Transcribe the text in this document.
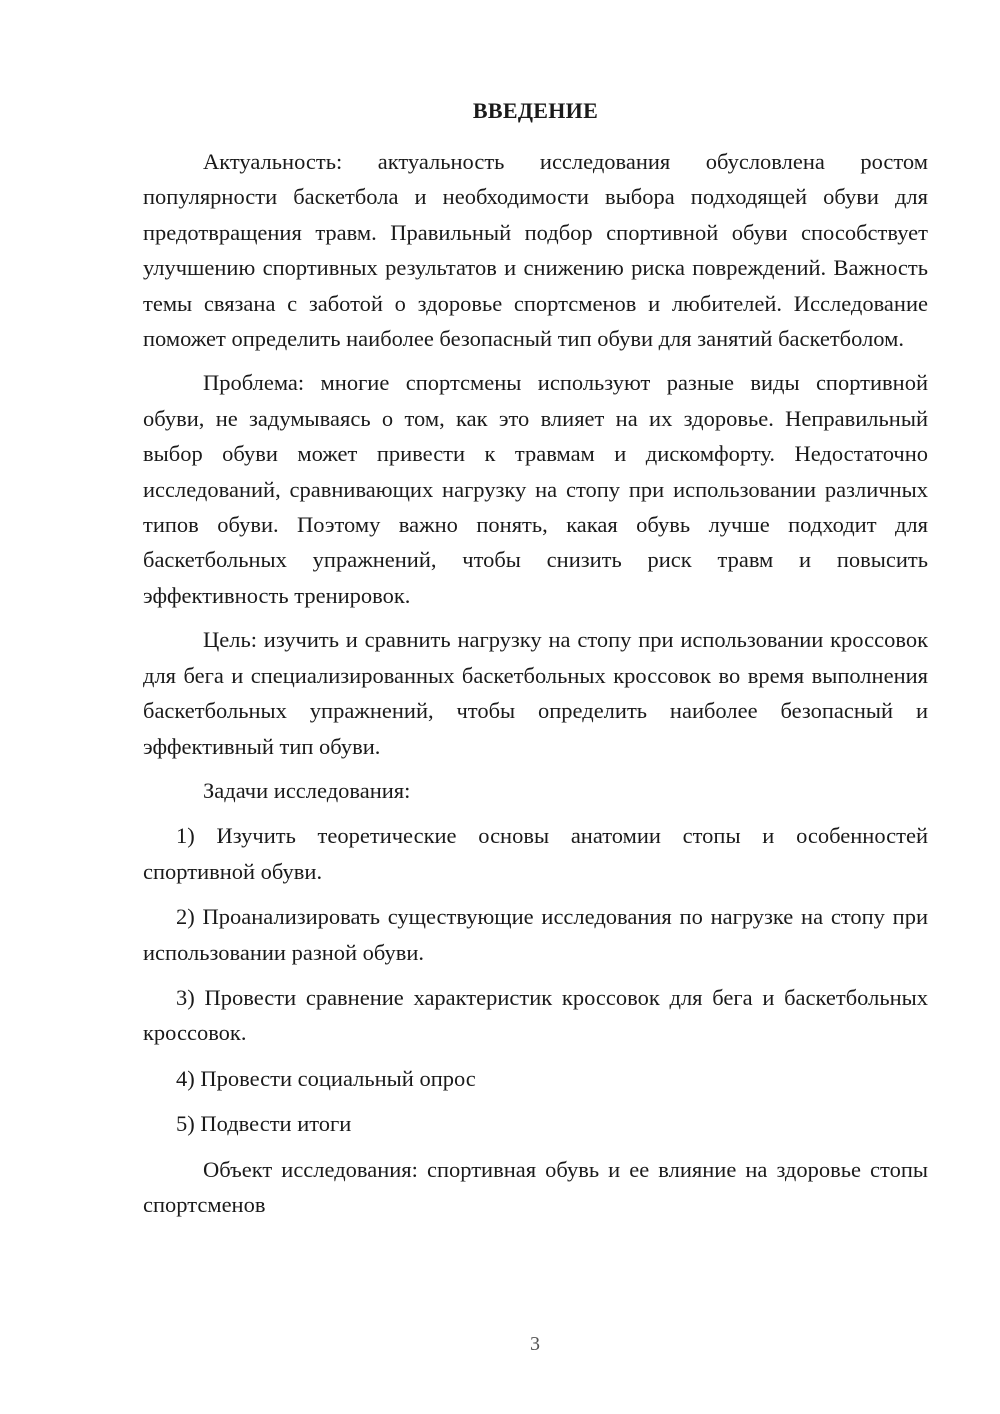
ВВЕДЕНИЕ

Актуальность: актуальность исследования обусловлена ростом популярности баскетбола и необходимости выбора подходящей обуви для предотвращения травм. Правильный подбор спортивной обуви способствует улучшению спортивных результатов и снижению риска повреждений. Важность темы связана с заботой о здоровье спортсменов и любителей. Исследование поможет определить наиболее безопасный тип обуви для занятий баскетболом.

Проблема: многие спортсмены используют разные виды спортивной обуви, не задумываясь о том, как это влияет на их здоровье. Неправильный выбор обуви может привести к травмам и дискомфорту. Недостаточно исследований, сравнивающих нагрузку на стопу при использовании различных типов обуви. Поэтому важно понять, какая обувь лучше подходит для баскетбольных упражнений, чтобы снизить риск травм и повысить эффективность тренировок.

Цель: изучить и сравнить нагрузку на стопу при использовании кроссовок для бега и специализированных баскетбольных кроссовок во время выполнения баскетбольных упражнений, чтобы определить наиболее безопасный и эффективный тип обуви.

Задачи исследования:

1) Изучить теоретические основы анатомии стопы и особенностей спортивной обуви.

2) Проанализировать существующие исследования по нагрузке на стопу при использовании разной обуви.

3) Провести сравнение характеристик кроссовок для бега и баскетбольных кроссовок.

4) Провести социальный опрос

5) Подвести итоги

Объект исследования: спортивная обувь и ее влияние на здоровье стопы спортсменов

3
